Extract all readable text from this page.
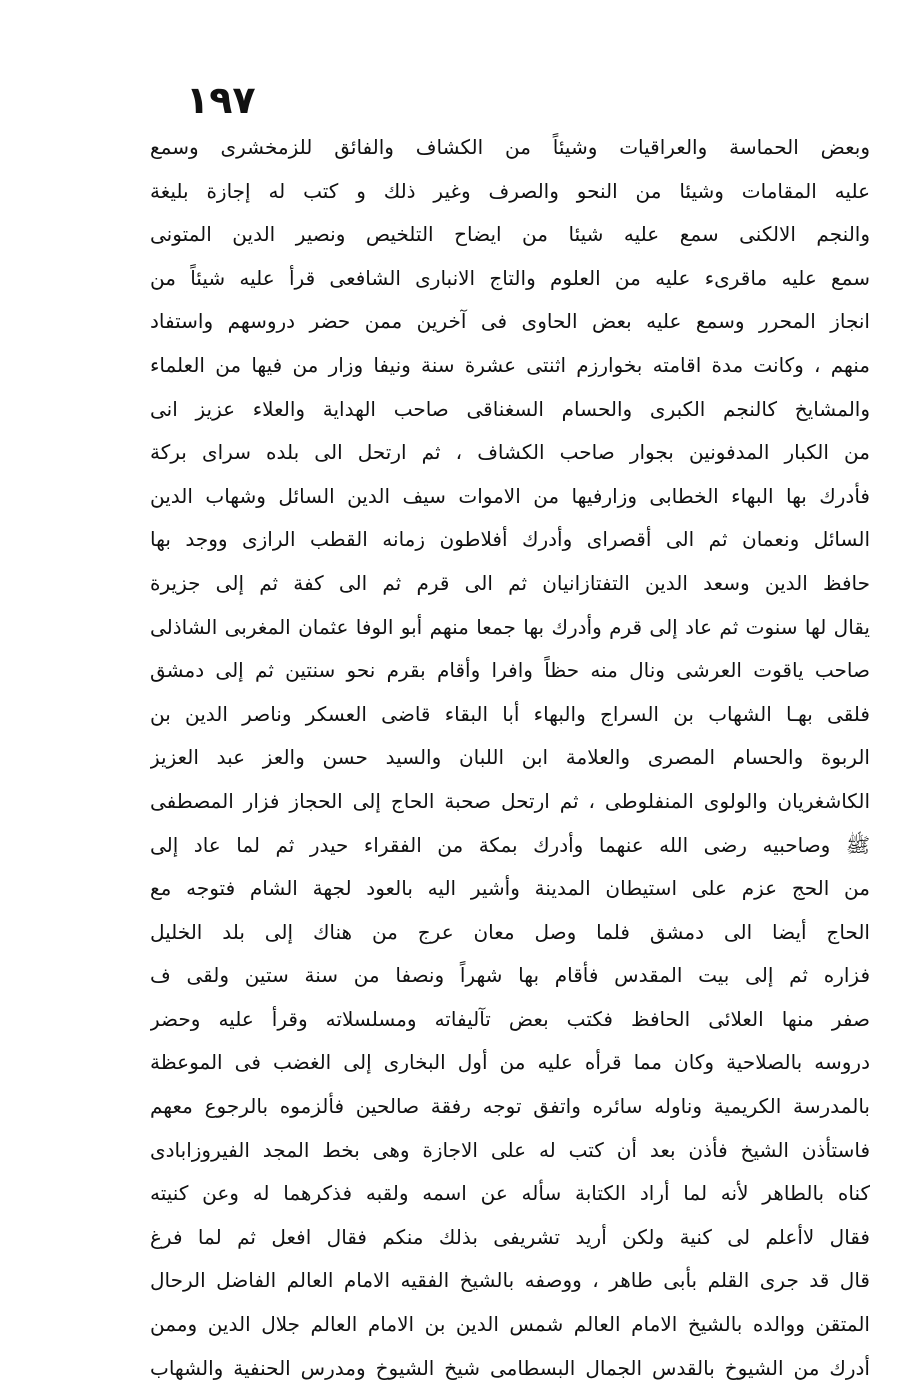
١٩٧
وبعض الحماسة والعراقيات وشيئاً من الكشاف والفائق للزمخشرى وسمع
عليه المقامات وشيئا من النحو والصرف وغير ذلك و كتب له إجازة بليغة
والنجم الالكنى سمع عليه شيئا من ايضاح التلخيص ونصير الدين المتونى
سمع عليه ماقرىء عليه من العلوم والتاج الانبارى الشافعى قرأ عليه شيئاً من
انجاز المحرر وسمع عليه بعض الحاوى فى آخرين ممن حضر دروسهم واستفاد
منهم ، وكانت مدة اقامته بخوارزم اثنتى عشرة سنة ونيفا وزار من فيها من العلماء
والمشايخ كالنجم الكبرى والحسام السغناقى صاحب الهداية والعلاء عزيز انى
من الكبار المدفونين بجوار صاحب الكشاف ، ثم ارتحل الى بلده سراى بركة
فأدرك بها البهاء الخطابى وزارفيها من الاموات سيف الدين السائل وشهاب الدين
السائل ونعمان ثم الى أقصراى وأدرك أفلاطون زمانه القطب الرازى ووجد بها
حافظ الدين وسعد الدين التفتازانيان ثم الى قرم ثم الى كفة ثم إلى جزيرة
يقال لها سنوت ثم عاد إلى قرم وأدرك بها جمعا منهم أبو الوفا عثمان المغربى الشاذلى
صاحب ياقوت العرشى ونال منه حظاً وافرا وأقام بقرم نحو سنتين ثم إلى دمشق
فلقى بهـا الشهاب بن السراج والبهاء أبا البقاء قاضى العسكر وناصر الدين بن
الربوة والحسام المصرى والعلامة ابن اللبان والسيد حسن والعز عبد العزيز
الكاشغريان والولوى المنفلوطى ، ثم ارتحل صحبة الحاج إلى الحجاز فزار المصطفى
ﷺ وصاحبيه رضى الله عنهما وأدرك بمكة من الفقراء حيدر ثم لما عاد إلى
من الحج عزم على استيطان المدينة وأشير اليه بالعود لجهة الشام فتوجه مع
الحاج أيضا الى دمشق فلما وصل معان عرج من هناك إلى بلد الخليل
فزاره ثم إلى بيت المقدس فأقام بها شهراً ونصفا من سنة ستين ولقى ف
صفر منها العلائى الحافظ فكتب بعض تآليفاته ومسلسلاته وقرأ عليه وحضر
دروسه بالصلاحية وكان مما قرأه عليه من أول البخارى إلى الغضب فى الموعظة
بالمدرسة الكريمية وناوله سائره واتفق توجه رفقة صالحين فألزموه بالرجوع معهم
فاستأذن الشيخ فأذن بعد أن كتب له على الاجازة وهى بخط المجد الفيروزابادى
كناه بالطاهر لأنه لما أراد الكتابة سأله عن اسمه ولقبه فذكرهما له وعن كنيته
فقال لاأعلم لى كنية ولكن أريد تشريفى بذلك منكم فقال افعل ثم لما فرغ
قال قد جرى القلم بأبى طاهر ، ووصفه بالشيخ الفقيه الامام العالم الفاضل الرحال
المتقن ووالده بالشيخ الامام العالم شمس الدين بن الامام العالم جلال الدين وممن
أدرك من الشيوخ بالقدس الجمال البسطامى شيخ الشيوخ ومدرس الحنفية والشهاب
